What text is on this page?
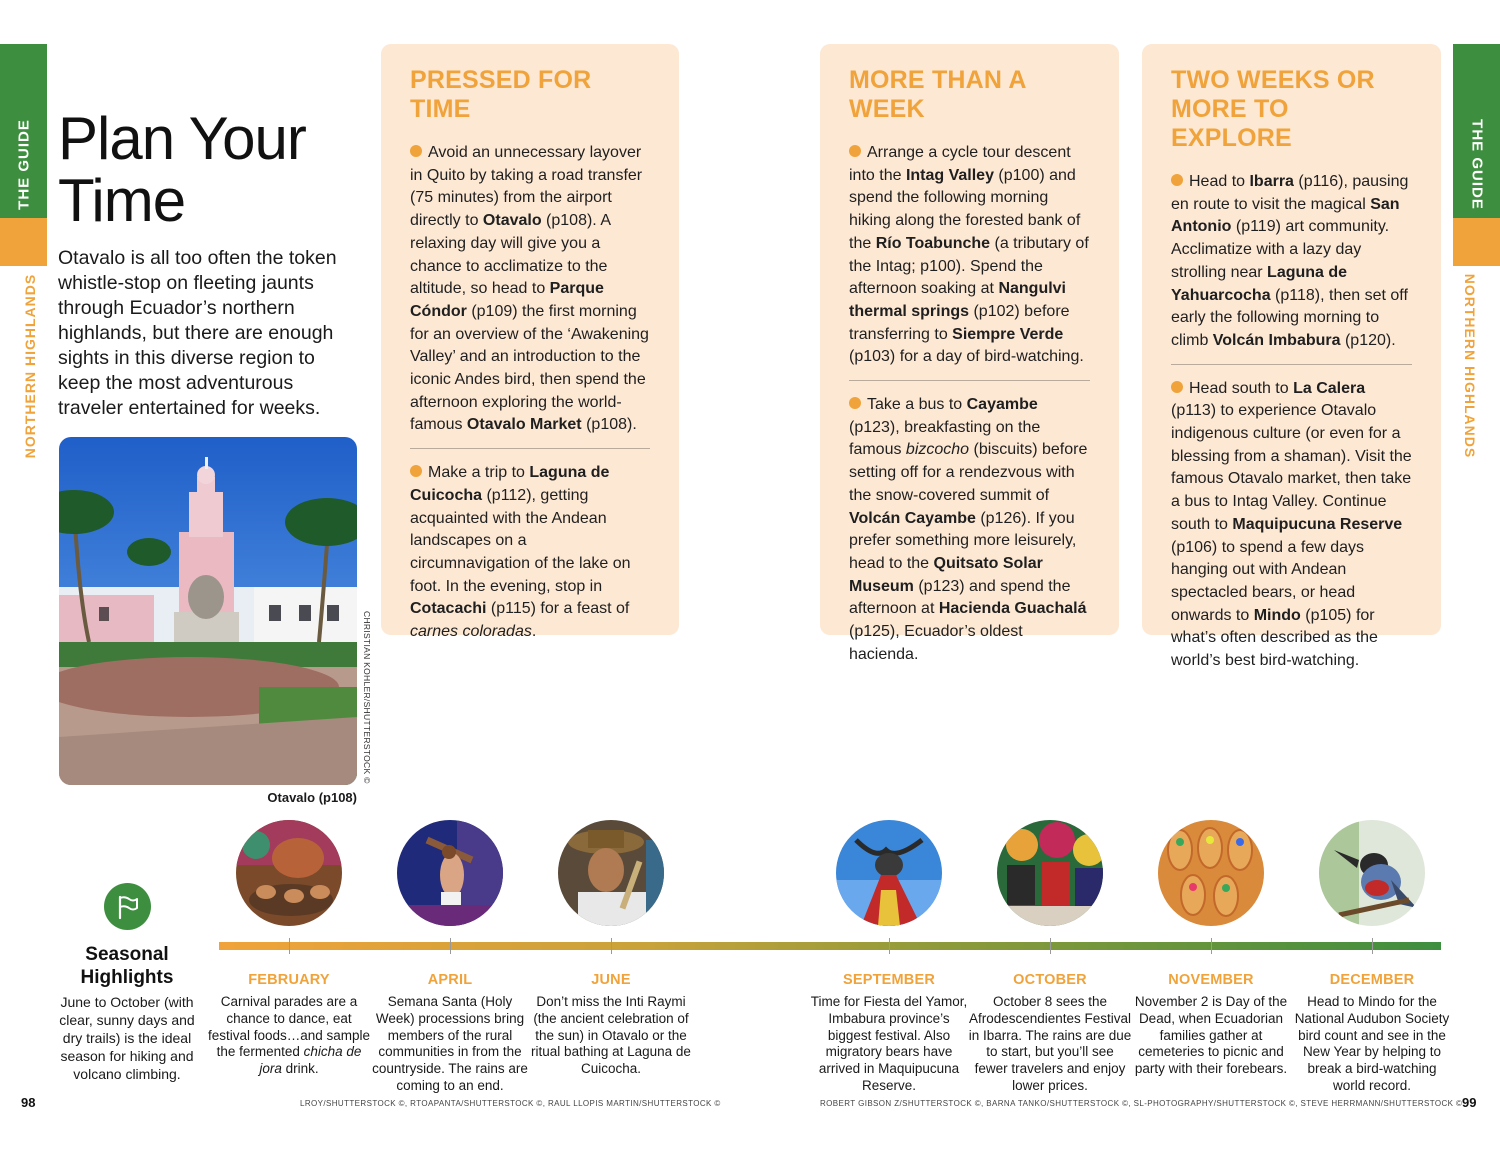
THE GUIDE
NORTHERN HIGHLANDS
THE GUIDE
NORTHERN HIGHLANDS
Plan Your
Time

Otavalo is all too often the token whistle-stop on fleeting jaunts through Ecuador’s northern highlands, but there are enough sights in this diverse region to keep the most adventurous traveler entertained for weeks.

CHRISTIAN KOHLER/SHUTTERSTOCK ©
Otavalo (p108)
PRESSED FOR TIME
Avoid an unnecessary layover in Quito by taking a road transfer (75 minutes) from the airport directly to Otavalo (p108). A relaxing day will give you a chance to acclimatize to the altitude, so head to Parque Cóndor (p109) the first morning for an overview of the ‘Awakening Valley’ and an introduction to the iconic Andes bird, then spend the afternoon exploring the world-famous Otavalo Market (p108).
Make a trip to Laguna de Cuicocha (p112), getting acquainted with the Andean landscapes on a circumnavigation of the lake on foot. In the evening, stop in Cotacachi (p115) for a feast of carnes coloradas.
MORE THAN A WEEK
Arrange a cycle tour descent into the Intag Valley (p100) and spend the following morning hiking along the forested bank of the Río Toabunche (a tributary of the Intag; p100). Spend the afternoon soaking at Nangulvi thermal springs (p102) before transferring to Siempre Verde (p103) for a day of bird-watching.
Take a bus to Cayambe (p123), breakfasting on the famous bizcocho (biscuits) before setting off for a rendezvous with the snow-covered summit of Volcán Cayambe (p126). If you prefer something more leisurely, head to the Quitsato Solar Museum (p123) and spend the afternoon at Hacienda Guachalá (p125), Ecuador’s oldest hacienda.
TWO WEEKS OR MORE TO EXPLORE
Head to Ibarra (p116), pausing en route to visit the magical San Antonio (p119) art community. Acclimatize with a lazy day strolling near Laguna de Yahuarcocha (p118), then set off early the following morning to climb Volcán Imbabura (p120).
Head south to La Calera (p113) to experience Otavalo indigenous culture (or even for a blessing from a shaman). Visit the famous Otavalo market, then take a bus to Intag Valley. Continue south to Maquipucuna Reserve (p106) to spend a few days hanging out with Andean spectacled bears, or head onwards to Mindo (p105) for what’s often described as the world’s best bird-watching.
Seasonal
Highlights

June to October (with clear, sunny days and dry trails) is the ideal season for hiking and volcano climbing.

FEBRUARY
Carnival parades are a chance to dance, eat festival foods…and sample the fermented chicha de jora drink.
APRIL
Semana Santa (Holy Week) processions bring members of the rural communities in from the countryside. The rains are coming to an end.
JUNE
Don’t miss the Inti Raymi (the ancient celebration of the sun) in Otavalo or the ritual bathing at Laguna de Cuicocha.
SEPTEMBER
Time for Fiesta del Yamor, Imbabura province’s biggest festival. Also migratory bears have arrived in Maquipucuna Reserve.
OCTOBER
October 8 sees the Afrodescendientes Festival in Ibarra. The rains are due to start, but you’ll see fewer travelers and enjoy lower prices.
NOVEMBER
November 2 is Day of the Dead, when Ecuadorian families gather at cemeteries to picnic and party with their forebears.
DECEMBER
Head to Mindo for the National Audubon Society bird count and see in the New Year by helping to break a bird-watching world record.
98	99
LROY/SHUTTERSTOCK ©, RTOAPANTA/SHUTTERSTOCK ©, RAUL LLOPIS MARTIN/SHUTTERSTOCK ©	ROBERT GIBSON Z/SHUTTERSTOCK ©, BARNA TANKO/SHUTTERSTOCK ©, SL-PHOTOGRAPHY/SHUTTERSTOCK ©, STEVE HERRMANN/SHUTTERSTOCK ©
